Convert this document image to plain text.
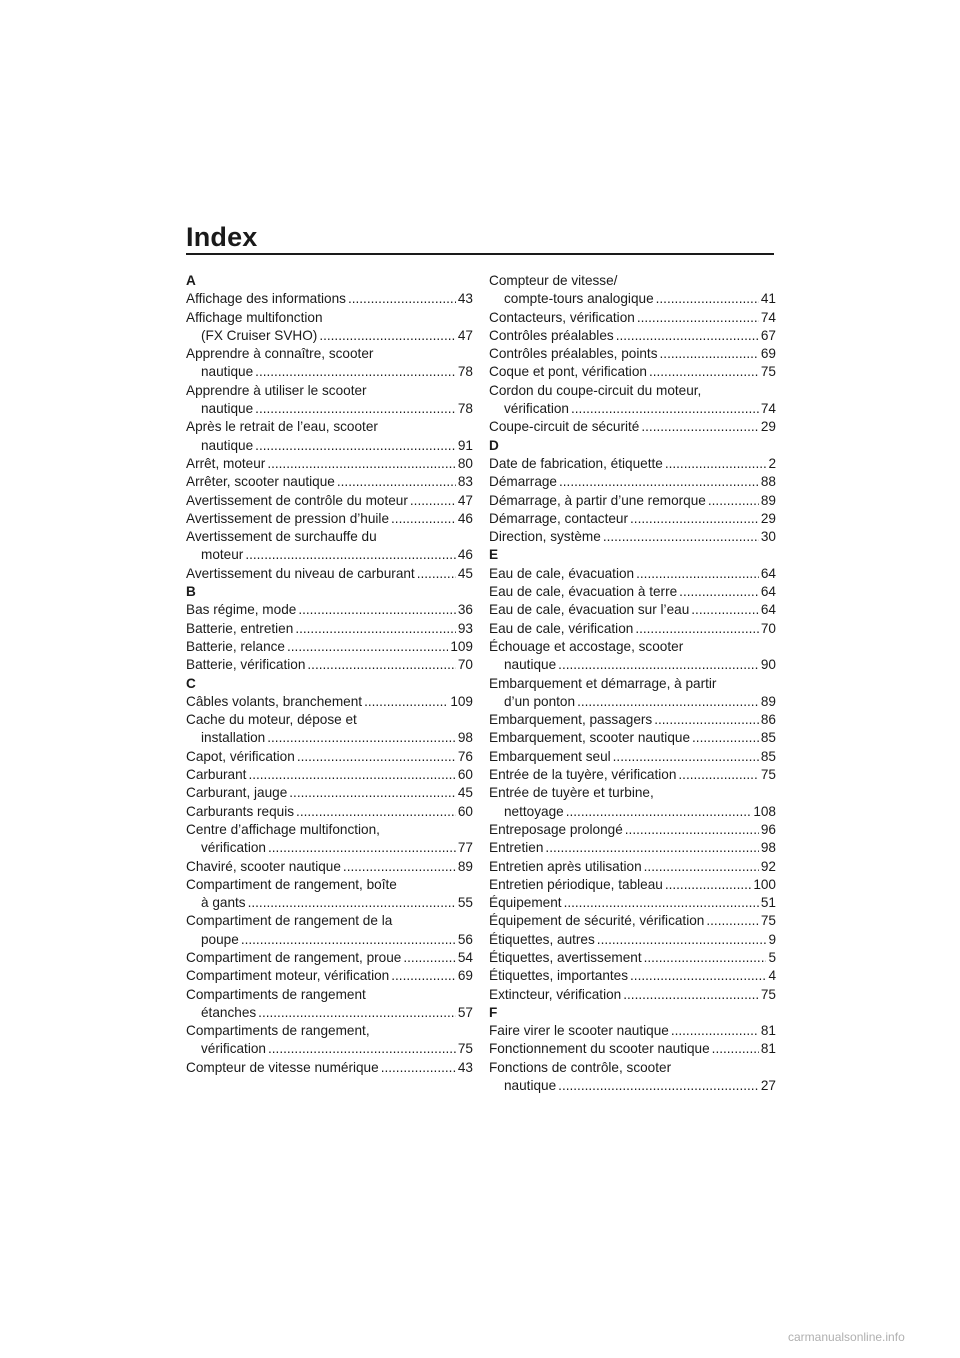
Index
A
Affichage des informations .....	43
Affichage multifonction
(FX Cruiser SVHO) .....	47
Apprendre à connaître, scooter
nautique .....	78
Apprendre à utiliser le scooter
nautique .....	78
Après le retrait de l’eau, scooter
nautique .....	91
Arrêt, moteur .....	80
Arrêter, scooter nautique .....	83
Avertissement de contrôle du moteur .....	47
Avertissement de pression d’huile .....	46
Avertissement de surchauffe du
moteur .....	46
Avertissement du niveau de carburant .....	45
B
Bas régime, mode .....	36
Batterie, entretien .....	93
Batterie, relance .....	109
Batterie, vérification .....	70
C
Câbles volants, branchement .....	109
Cache du moteur, dépose et
installation .....	98
Capot, vérification .....	76
Carburant .....	60
Carburant, jauge .....	45
Carburants requis .....	60
Centre d’affichage multifonction,
vérification .....	77
Chaviré, scooter nautique .....	89
Compartiment de rangement, boîte
à gants .....	55
Compartiment de rangement de la
poupe .....	56
Compartiment de rangement, proue .....	54
Compartiment moteur, vérification .....	69
Compartiments de rangement
étanches .....	57
Compartiments de rangement,
vérification .....	75
Compteur de vitesse numérique .....	43
Compteur de vitesse/
compte-tours analogique .....	41
Contacteurs, vérification .....	74
Contrôles préalables .....	67
Contrôles préalables, points .....	69
Coque et pont, vérification .....	75
Cordon du coupe-circuit du moteur,
vérification .....	74
Coupe-circuit de sécurité .....	29
D
Date de fabrication, étiquette .....	2
Démarrage .....	88
Démarrage, à partir d’une remorque .....	89
Démarrage, contacteur .....	29
Direction, système .....	30
E
Eau de cale, évacuation .....	64
Eau de cale, évacuation à terre .....	64
Eau de cale, évacuation sur l’eau .....	64
Eau de cale, vérification .....	70
Échouage et accostage, scooter
nautique .....	90
Embarquement et démarrage, à partir
d’un ponton .....	89
Embarquement, passagers .....	86
Embarquement, scooter nautique .....	85
Embarquement seul .....	85
Entrée de la tuyère, vérification .....	75
Entrée de tuyère et turbine,
nettoyage .....	108
Entreposage prolongé .....	96
Entretien .....	98
Entretien après utilisation .....	92
Entretien périodique, tableau .....	100
Équipement .....	51
Équipement de sécurité, vérification .....	75
Étiquettes, autres .....	9
Étiquettes, avertissement .....	5
Étiquettes, importantes .....	4
Extincteur, vérification .....	75
F
Faire virer le scooter nautique .....	81
Fonctionnement du scooter nautique .....	81
Fonctions de contrôle, scooter
nautique .....	27
carmanualsonline.info
